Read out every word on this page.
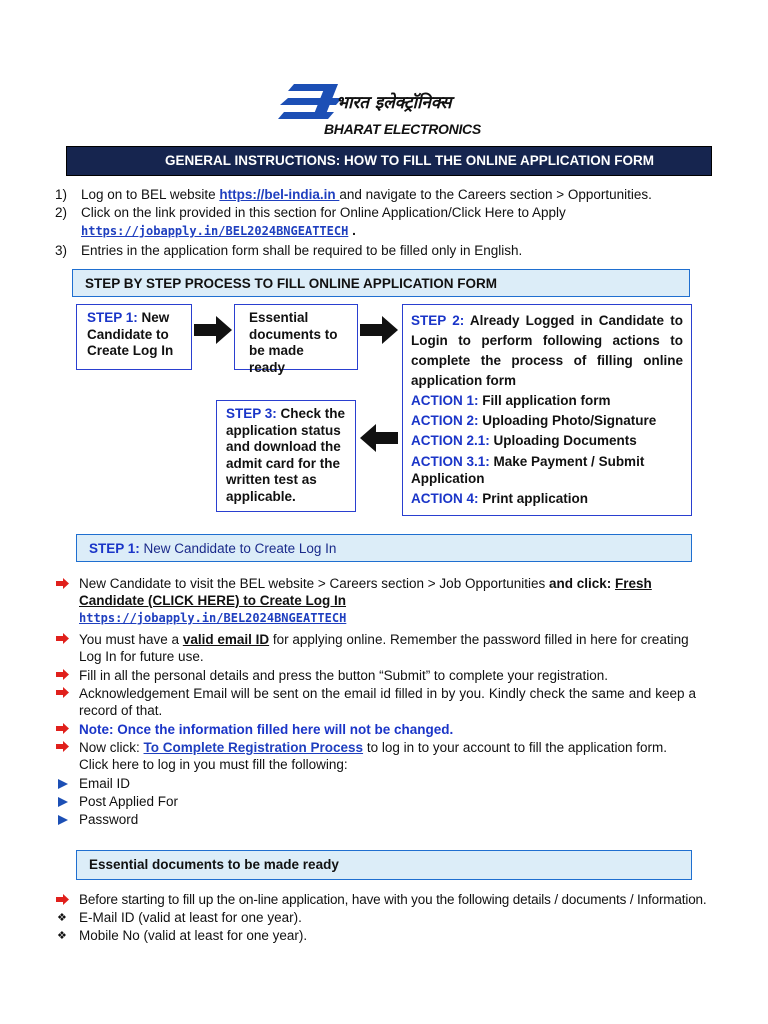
भारत इलेक्ट्रॉनिक्स
BHARAT ELECTRONICS
GENERAL INSTRUCTIONS: HOW TO FILL THE ONLINE APPLICATION FORM
1)	Log on to BEL website https://bel-india.in and navigate to the Careers section > Opportunities.
2)	Click on the link provided in this section for Online Application/Click Here to Apply
https://jobapply.in/BEL2024BNGEATTECH .
3)	Entries in the application form shall be required to be filled only in English.
STEP BY STEP PROCESS TO FILL ONLINE APPLICATION FORM
STEP 1: New
Candidate to
Create Log In
Essential
documents to
be made ready
STEP 2: Already Logged in Candidate to Login to perform following actions to complete the process of filling online application form
ACTION 1: Fill application form
ACTION 2: Uploading Photo/Signature
ACTION 2.1: Uploading Documents
ACTION 3.1: Make Payment / Submit Application
ACTION 4: Print application
STEP 3: Check the application status and download the admit card for the written test as applicable.
STEP 1: New Candidate to Create Log In
New Candidate to visit the BEL website > Careers section > Job Opportunities and click: Fresh Candidate (CLICK HERE) to Create Log In
https://jobapply.in/BEL2024BNGEATTECH
You must have a valid email ID for applying online. Remember the password filled in here for creating Log In for future use.
Fill in all the personal details and press the button “Submit” to complete your registration.
Acknowledgement Email will be sent on the email id filled in by you. Kindly check the same and keep a record of that.
Note: Once the information filled here will not be changed.
Now click: To Complete Registration Process to log in to your account to fill the application form. Click here to log in you must fill the following:
Email ID
Post Applied For
Password
Essential documents to be made ready
Before starting to fill up the on-line application, have with you the following details / documents / Information.
❖ E-Mail ID (valid at least for one year).
❖ Mobile No (valid at least for one year).
